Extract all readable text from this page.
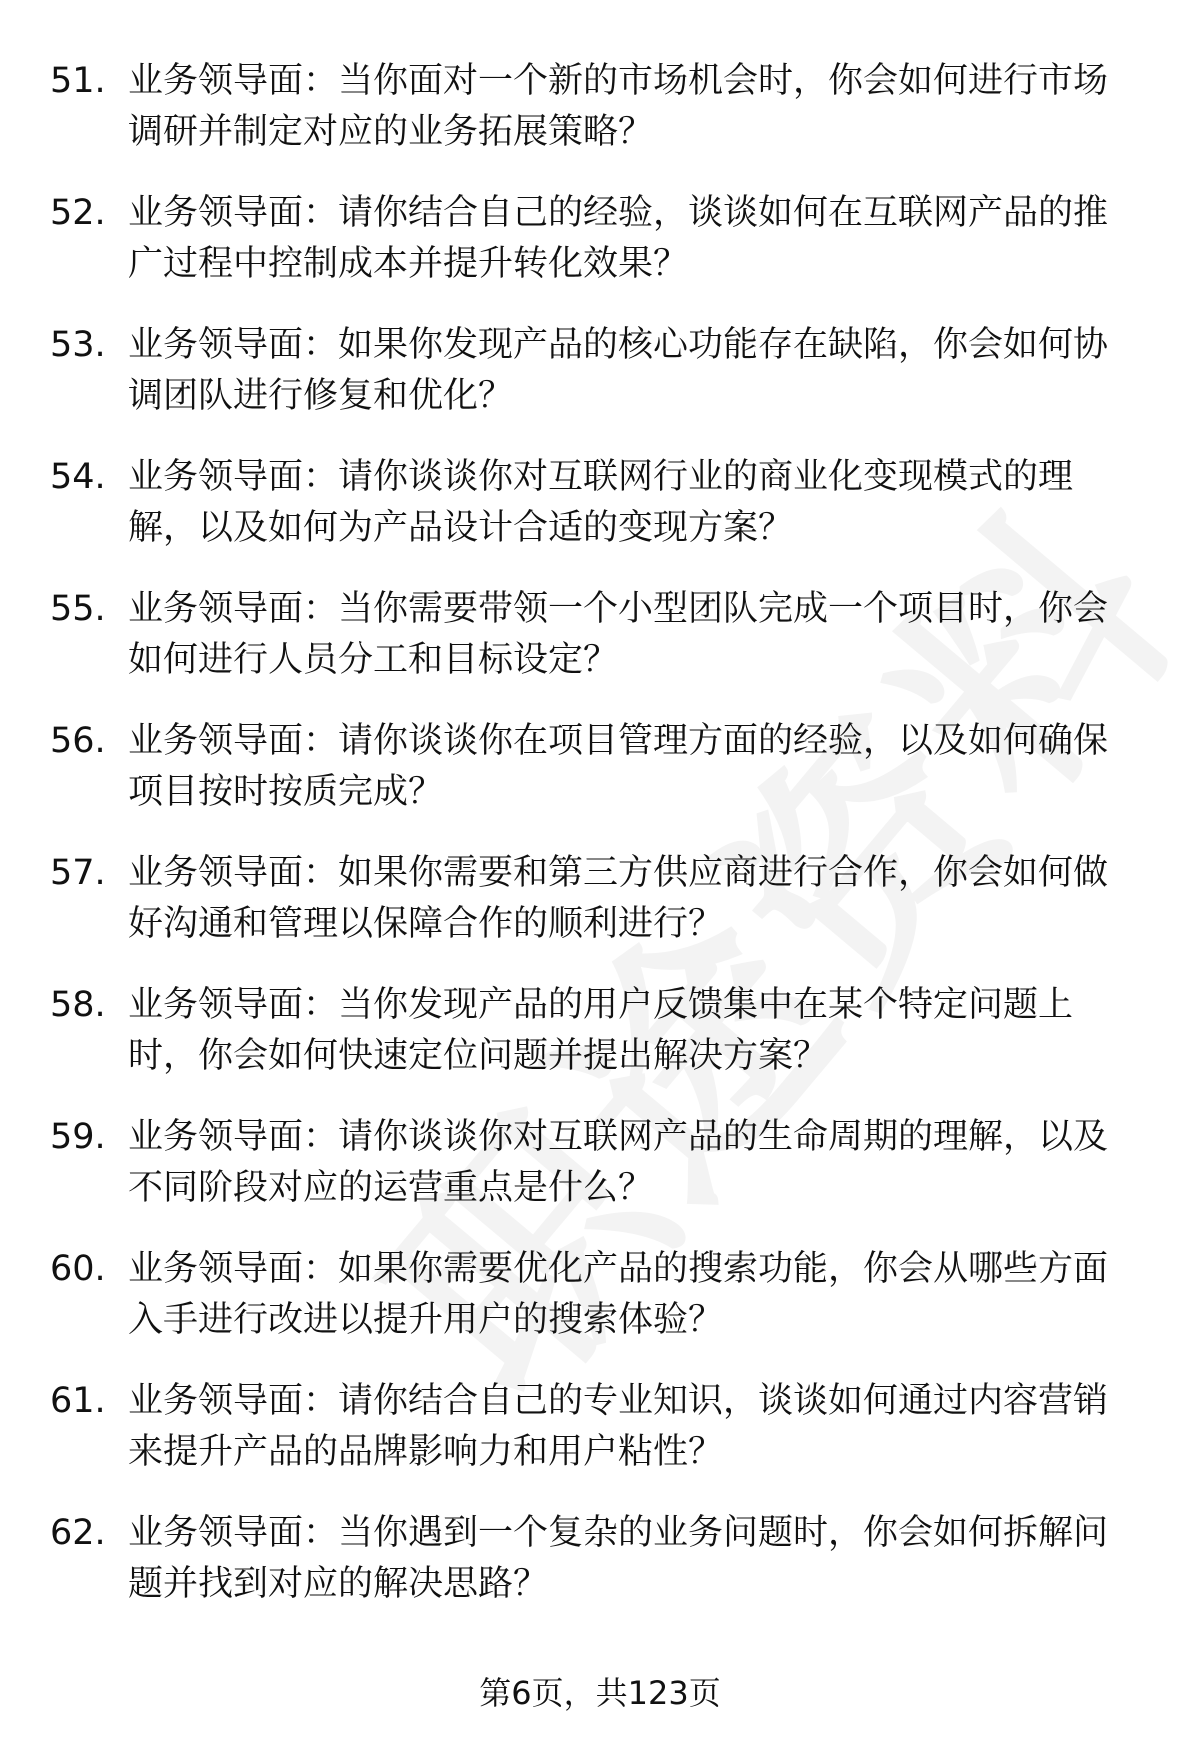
51. 业务领导面：当你面对一个新的市场机会时，你会如何进行市场调研并制定对应的业务拓展策略？
52. 业务领导面：请你结合自己的经验，谈谈如何在互联网产品的推广过程中控制成本并提升转化效果？
53. 业务领导面：如果你发现产品的核心功能存在缺陷，你会如何协调团队进行修复和优化？
54. 业务领导面：请你谈谈你对互联网行业的商业化变现模式的理解，以及如何为产品设计合适的变现方案？
55. 业务领导面：当你需要带领一个小型团队完成一个项目时，你会如何进行人员分工和目标设定？
56. 业务领导面：请你谈谈你在项目管理方面的经验，以及如何确保项目按时按质完成？
57. 业务领导面：如果你需要和第三方供应商进行合作，你会如何做好沟通和管理以保障合作的顺利进行？
58. 业务领导面：当你发现产品的用户反馈集中在某个特定问题上时，你会如何快速定位问题并提出解决方案？
59. 业务领导面：请你谈谈你对互联网产品的生命周期的理解，以及不同阶段对应的运营重点是什么？
60. 业务领导面：如果你需要优化产品的搜索功能，你会从哪些方面入手进行改进以提升用户的搜索体验？
61. 业务领导面：请你结合自己的专业知识，谈谈如何通过内容营销来提升产品的品牌影响力和用户粘性？
62. 业务领导面：当你遇到一个复杂的业务问题时，你会如何拆解问题并找到对应的解决思路？
第6页，共123页
